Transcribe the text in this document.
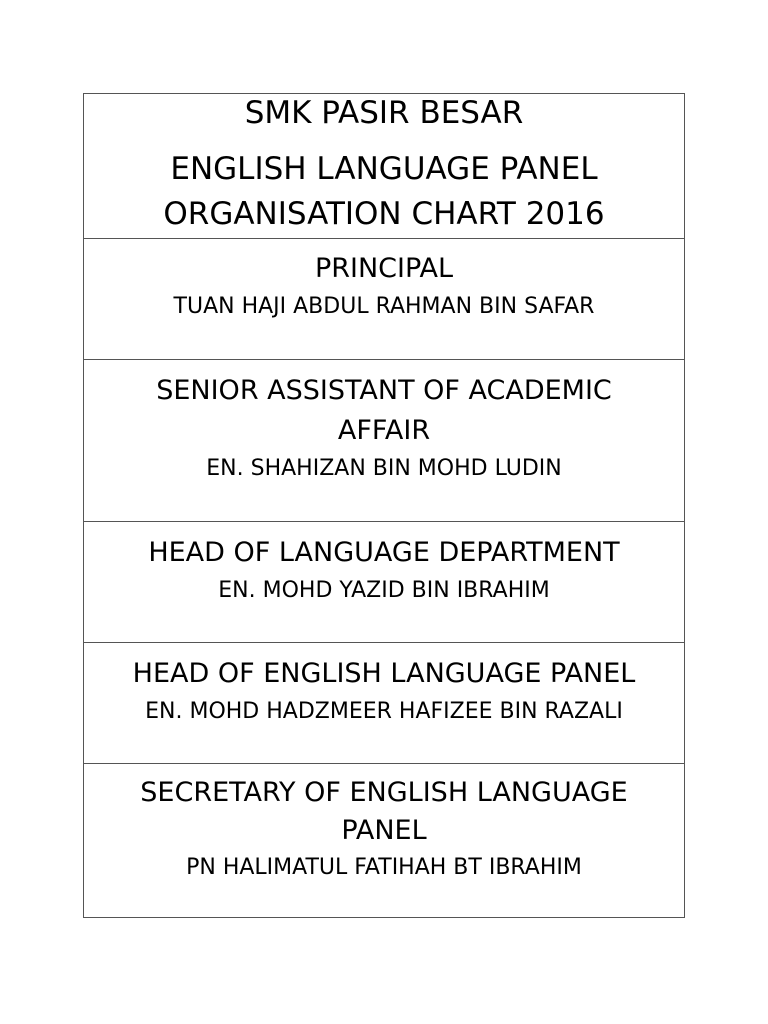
SMK PASIR BESAR
ENGLISH LANGUAGE PANEL
ORGANISATION CHART 2016
PRINCIPAL
TUAN HAJI ABDUL RAHMAN BIN SAFAR
SENIOR ASSISTANT OF ACADEMIC AFFAIR
EN. SHAHIZAN BIN MOHD LUDIN
HEAD OF LANGUAGE DEPARTMENT
EN. MOHD YAZID BIN IBRAHIM
HEAD OF ENGLISH LANGUAGE PANEL
EN. MOHD HADZMEER HAFIZEE BIN RAZALI
SECRETARY OF ENGLISH LANGUAGE PANEL
PN HALIMATUL FATIHAH BT IBRAHIM
